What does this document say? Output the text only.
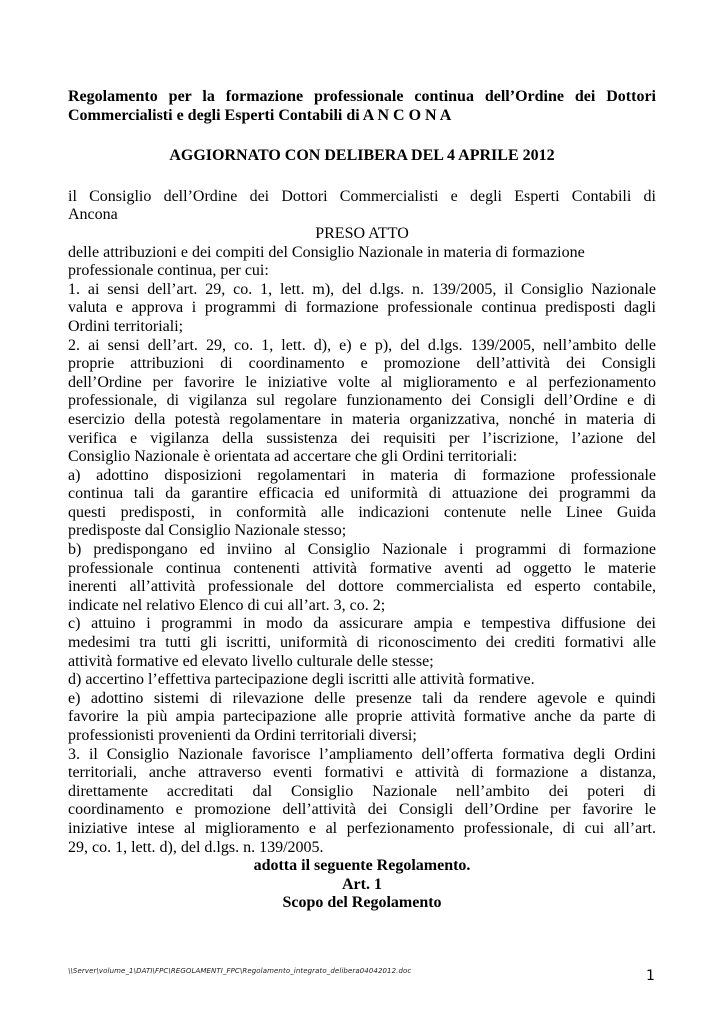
Regolamento per la formazione professionale continua dell’Ordine dei Dottori

Commercialisti e degli Esperti Contabili di A N C O N A

AGGIORNATO CON DELIBERA DEL 4 APRILE 2012

il Consiglio dell’Ordine dei Dottori Commercialisti e degli Esperti Contabili di
Ancona
PRESO ATTO
delle attribuzioni e dei compiti del Consiglio Nazionale in materia di formazione
professionale continua, per cui:
1. ai sensi dell’art. 29, co. 1, lett. m), del d.lgs. n. 139/2005, il Consiglio Nazionale
valuta e approva i programmi di formazione professionale continua predisposti dagli
Ordini territoriali;
2. ai sensi dell’art. 29, co. 1, lett. d), e) e p), del d.lgs. 139/2005, nell’ambito delle
proprie attribuzioni di coordinamento e promozione dell’attività dei Consigli
dell’Ordine per favorire le iniziative volte al miglioramento e al perfezionamento
professionale, di vigilanza sul regolare funzionamento dei Consigli dell’Ordine e di
esercizio della potestà regolamentare in materia organizzativa, nonché in materia di
verifica e vigilanza della sussistenza dei requisiti per l’iscrizione, l’azione del
Consiglio Nazionale è orientata ad accertare che gli Ordini territoriali:
a) adottino disposizioni regolamentari in materia di formazione professionale
continua tali da garantire efficacia ed uniformità di attuazione dei programmi da
questi predisposti, in conformità alle indicazioni contenute nelle Linee Guida
predisposte dal Consiglio Nazionale stesso;
b) predispongano ed inviino al Consiglio Nazionale i programmi di formazione
professionale continua contenenti attività formative aventi ad oggetto le materie
inerenti all’attività professionale del dottore commercialista ed esperto contabile,
indicate nel relativo Elenco di cui all’art. 3, co. 2;
c) attuino i programmi in modo da assicurare ampia e tempestiva diffusione dei
medesimi tra tutti gli iscritti, uniformità di riconoscimento dei crediti formativi alle
attività formative ed elevato livello culturale delle stesse;
d) accertino l’effettiva partecipazione degli iscritti alle attività formative.
e) adottino sistemi di rilevazione delle presenze tali da rendere agevole e quindi
favorire la più ampia partecipazione alle proprie attività formative anche da parte di
professionisti provenienti da Ordini territoriali diversi;
3. il Consiglio Nazionale favorisce l’ampliamento dell’offerta formativa degli Ordini
territoriali, anche attraverso eventi formativi e attività di formazione a distanza,
direttamente accreditati dal Consiglio Nazionale nell’ambito dei poteri di
coordinamento e promozione dell’attività dei Consigli dell’Ordine per favorire le
iniziative intese al miglioramento e al perfezionamento professionale, di cui all’art.
29, co. 1, lett. d), del d.lgs. n. 139/2005.
adotta il seguente Regolamento.
Art. 1
Scopo del Regolamento
\\Server\volume_1\DATI\FPC\REGOLAMENTI_FPC\Regolamento_integrato_delibera04042012.doc	1
